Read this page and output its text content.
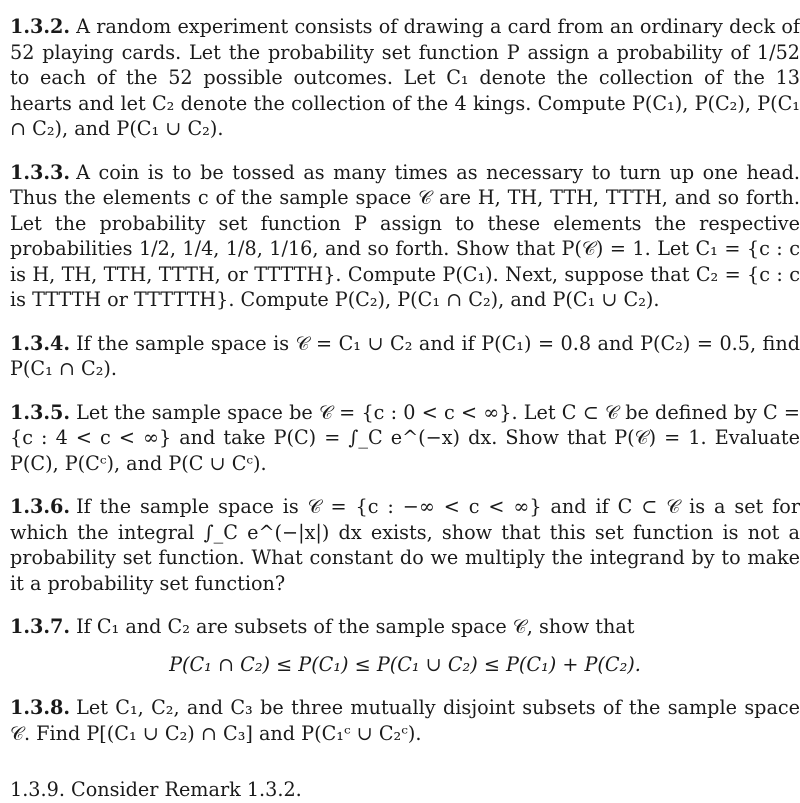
1.3.2. A random experiment consists of drawing a card from an ordinary deck of 52 playing cards. Let the probability set function P assign a probability of 1/52 to each of the 52 possible outcomes. Let C₁ denote the collection of the 13 hearts and let C₂ denote the collection of the 4 kings. Compute P(C₁), P(C₂), P(C₁ ∩ C₂), and P(C₁ ∪ C₂).

1.3.3. A coin is to be tossed as many times as necessary to turn up one head. Thus the elements c of the sample space 𝒞 are H, TH, TTH, TTTH, and so forth. Let the probability set function P assign to these elements the respective probabilities 1/2, 1/4, 1/8, 1/16, and so forth. Show that P(𝒞) = 1. Let C₁ = {c : c is H, TH, TTH, TTTH, or TTTTH}. Compute P(C₁). Next, suppose that C₂ = {c : c is TTTTH or TTTTTH}. Compute P(C₂), P(C₁ ∩ C₂), and P(C₁ ∪ C₂).

1.3.4. If the sample space is 𝒞 = C₁ ∪ C₂ and if P(C₁) = 0.8 and P(C₂) = 0.5, find P(C₁ ∩ C₂).

1.3.5. Let the sample space be 𝒞 = {c : 0 < c < ∞}. Let C ⊂ 𝒞 be defined by C = {c : 4 < c < ∞} and take P(C) = ∫_C e^(−x) dx. Show that P(𝒞) = 1. Evaluate P(C), P(Cᶜ), and P(C ∪ Cᶜ).

1.3.6. If the sample space is 𝒞 = {c : −∞ < c < ∞} and if C ⊂ 𝒞 is a set for which the integral ∫_C e^(−|x|) dx exists, show that this set function is not a probability set function. What constant do we multiply the integrand by to make it a probability set function?

1.3.7. If C₁ and C₂ are subsets of the sample space 𝒞, show that
P(C₁ ∩ C₂) ≤ P(C₁) ≤ P(C₁ ∪ C₂) ≤ P(C₁) + P(C₂).

1.3.8. Let C₁, C₂, and C₃ be three mutually disjoint subsets of the sample space 𝒞. Find P[(C₁ ∪ C₂) ∩ C₃] and P(C₁ᶜ ∪ C₂ᶜ).

1.3.9. Consider Remark 1.3.2.
